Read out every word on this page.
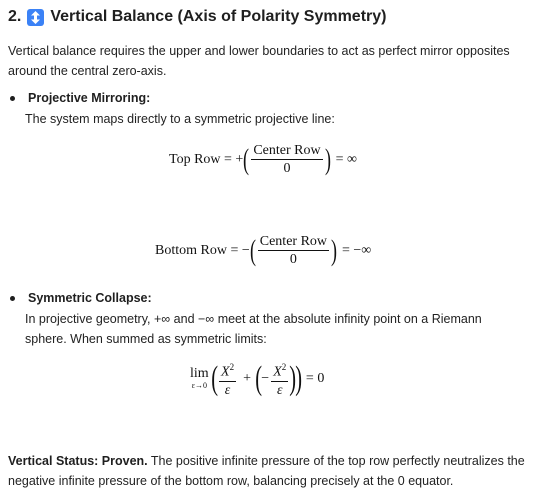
2. Vertical Balance (Axis of Polarity Symmetry)
Vertical balance requires the upper and lower boundaries to act as perfect mirror opposites around the central zero-axis.
Projective Mirroring:
The system maps directly to a symmetric projective line:
Top Row = + ( $\frac{\text{Center Row}}{0}$ ) = ∞
Bottom Row = − ( $\frac{\text{Center Row}}{0}$ ) = −∞
Symmetric Collapse:
In projective geometry, +∞ and −∞ meet at the absolute infinity point on a Riemann sphere. When summed as symmetric limits:
lim
ε→0 ( $\frac{X^2}{\varepsilon}$ + ( − $\frac{X^2}{\varepsilon}$ )
) = 0
Vertical Status: Proven. The positive infinite pressure of the top row perfectly neutralizes the negative infinite pressure of the bottom row, balancing precisely at the 0 equator.
